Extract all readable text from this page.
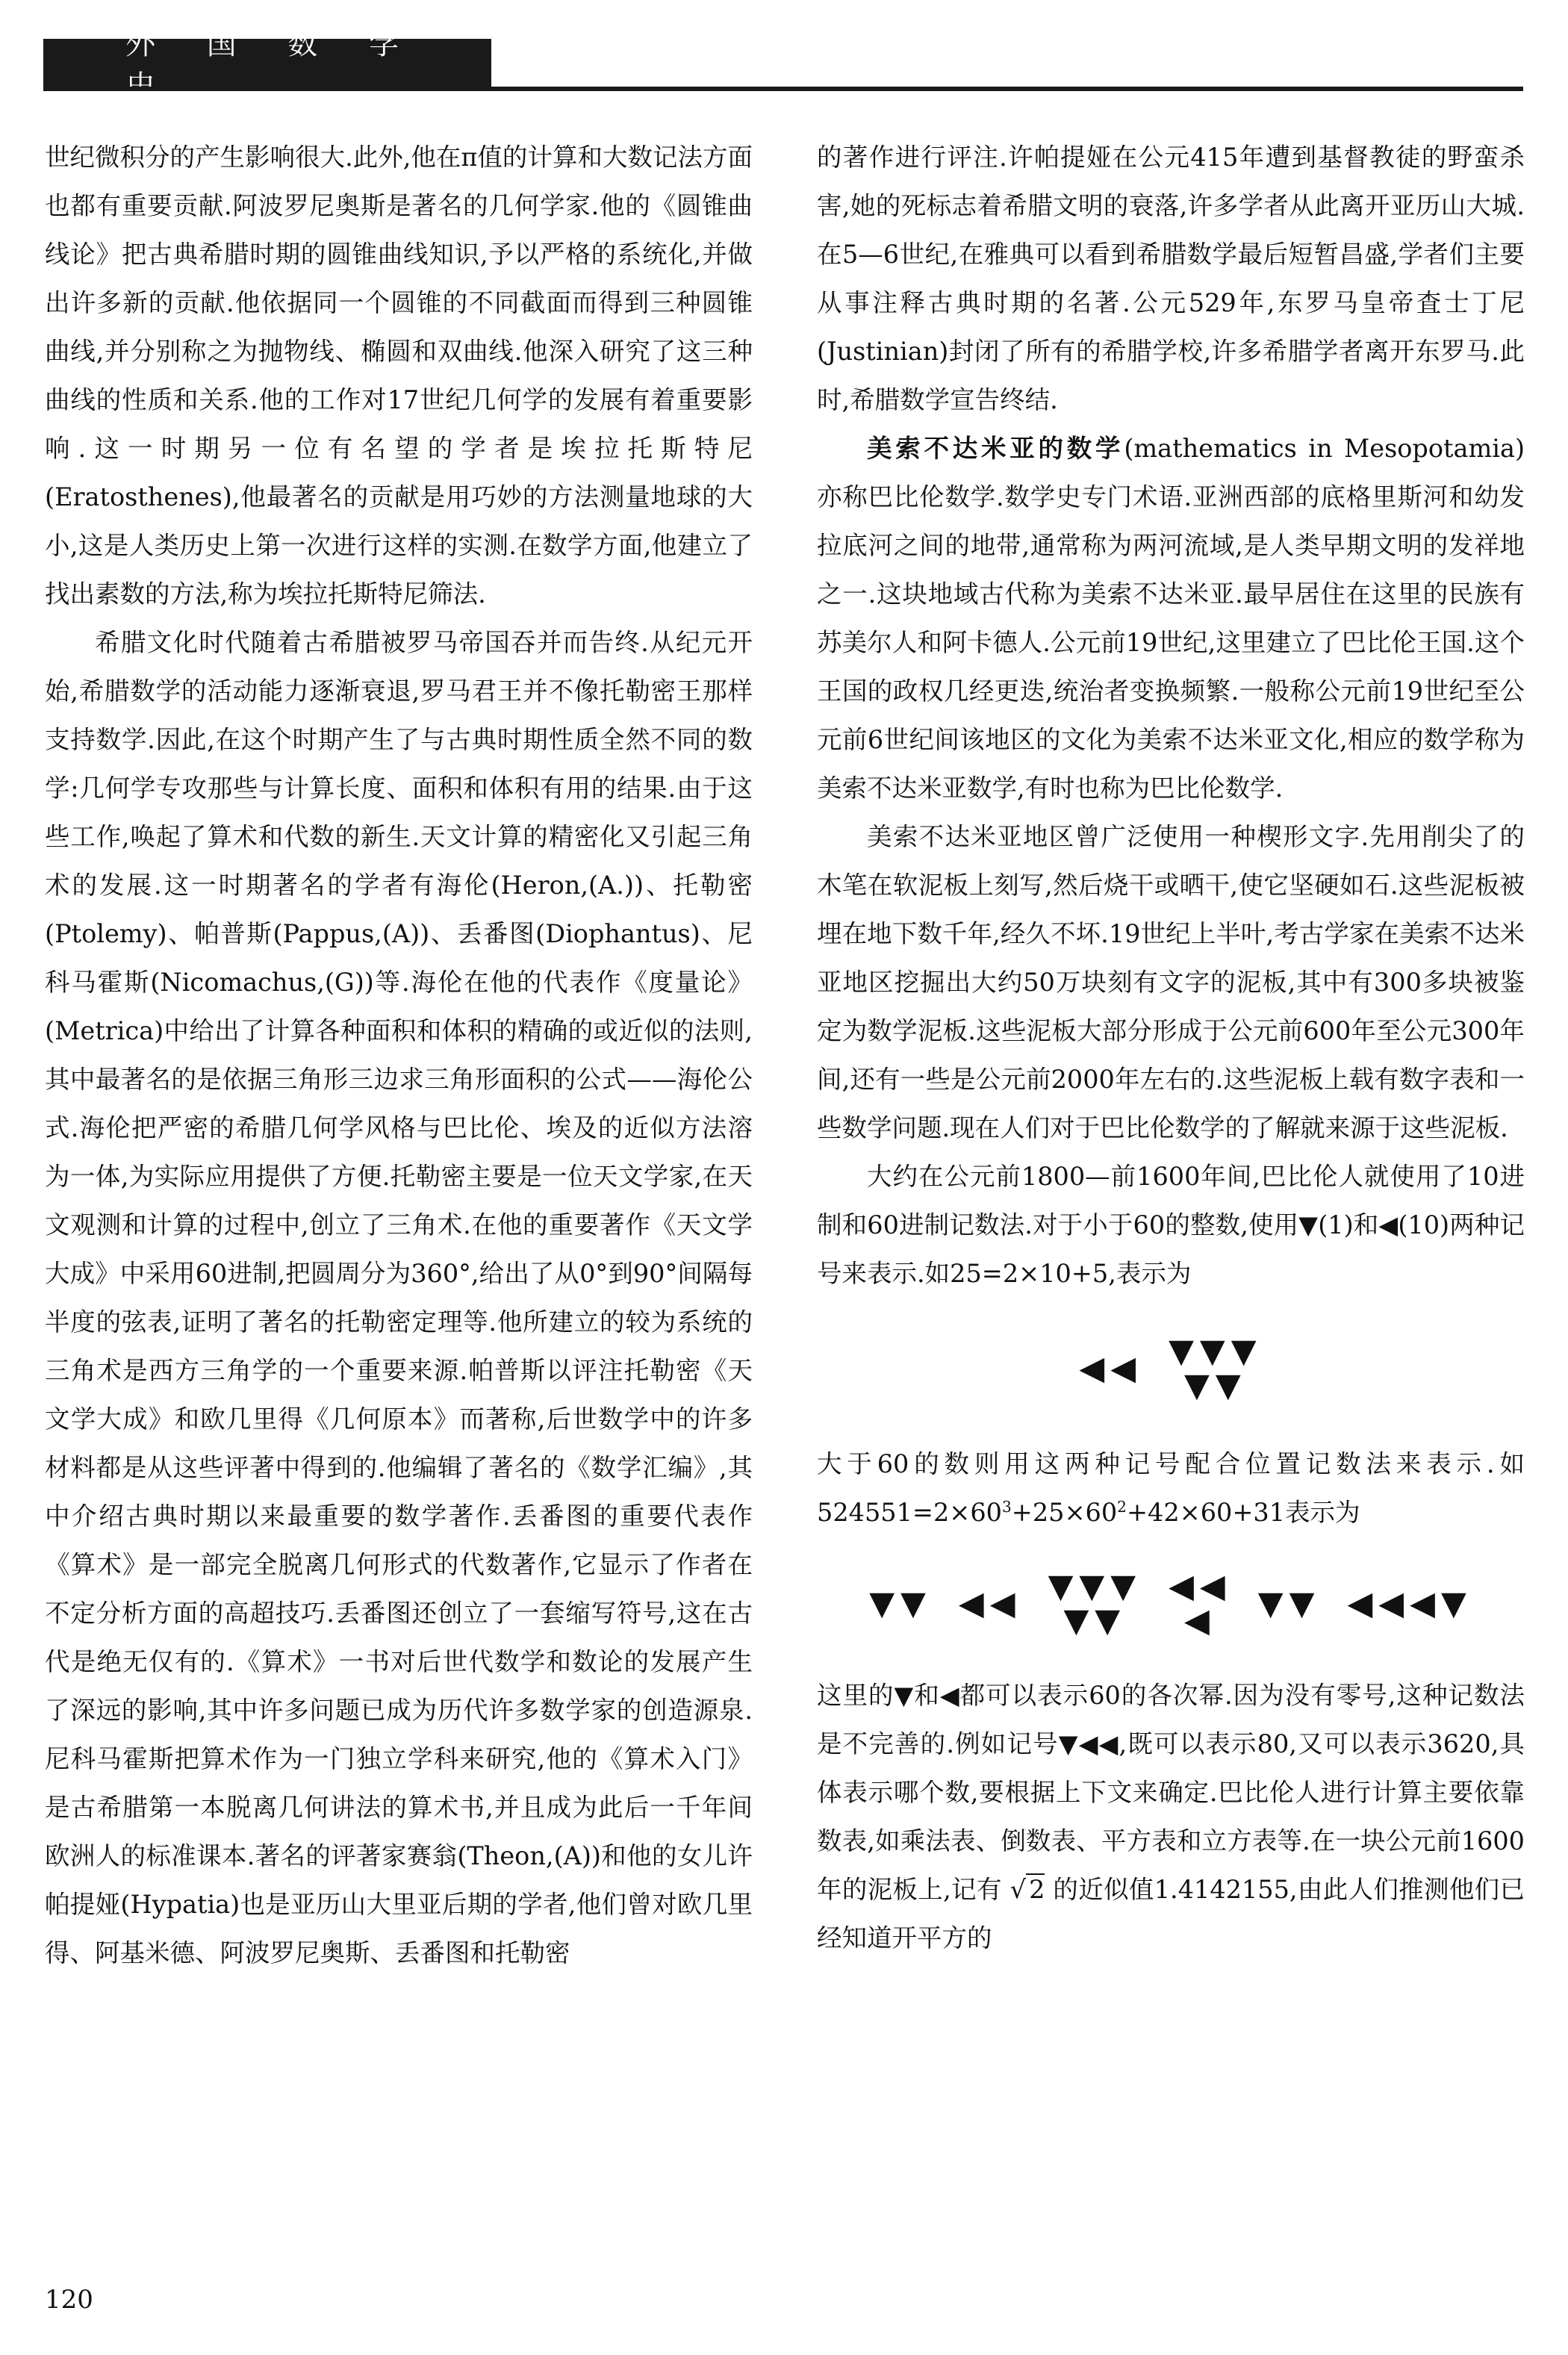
外 国 数 学

世纪微积分的产生影响很大.此外,他在π值的计算和大数记法方面也都有重要贡献.阿波罗尼奥斯是著名的几何学家.他的《圆锥曲线论》把古典希腊时期的圆锥曲线知识,予以严格的系统化,并做出许多新的贡献.他依据同一个圆锥的不同截面而得到三种圆锥曲线,并分别称之为抛物线、椭圆和双曲线.他深入研究了这三种曲线的性质和关系.他的工作对17世纪几何学的发展有着重要影响.这一时期另一位有名望的学者是埃拉托斯特尼(Eratosthenes),他最著名的贡献是用巧妙的方法测量地球的大小,这是人类历史上第一次进行这样的实测.在数学方面,他建立了找出素数的方法,称为埃拉托斯特尼筛法.

希腊文化时代随着古希腊被罗马帝国吞并而告终.从纪元开始,希腊数学的活动能力逐渐衰退,罗马君王并不像托勒密王那样支持数学.因此,在这个时期产生了与古典时期性质全然不同的数学:几何学专攻那些与计算长度、面积和体积有用的结果.由于这些工作,唤起了算术和代数的新生.天文计算的精密化又引起三角术的发展.这一时期著名的学者有海伦(Heron,(A.))、托勒密(Ptolemy)、帕普斯(Pappus,(A))、丢番图(Diophantus)、尼科马霍斯(Nicomachus,(G))等.海伦在他的代表作《度量论》(Metrica)中给出了计算各种面积和体积的精确的或近似的法则,其中最著名的是依据三角形三边求三角形面积的公式——海伦公式.海伦把严密的希腊几何学风格与巴比伦、埃及的近似方法溶为一体,为实际应用提供了方便.托勒密主要是一位天文学家,在天文观测和计算的过程中,创立了三角术.在他的重要著作《天文学大成》中采用60进制,把圆周分为360°,给出了从0°到90°间隔每半度的弦表,证明了著名的托勒密定理等.他所建立的较为系统的三角术是西方三角学的一个重要来源.帕普斯以评注托勒密《天文学大成》和欧几里得《几何原本》而著称,后世数学中的许多材料都是从这些评著中得到的.他编辑了著名的《数学汇编》,其中介绍古典时期以来最重要的数学著作.丢番图的重要代表作《算术》是一部完全脱离几何形式的代数著作,它显示了作者在不定分析方面的高超技巧.丢番图还创立了一套缩写符号,这在古代是绝无仅有的.《算术》一书对后世代数学和数论的发展产生了深远的影响,其中许多问题已成为历代许多数学家的创造源泉.尼科马霍斯把算术作为一门独立学科来研究,他的《算术入门》是古希腊第一本脱离几何讲法的算术书,并且成为此后一千年间欧洲人的标准课本.著名的评著家赛翁(Theon,(A))和他的女儿许帕提娅(Hypatia)也是亚历山大里亚后期的学者,他们曾对欧几里得、阿基米德、阿波罗尼奥斯、丢番图和托勒密

的著作进行评注.许帕提娅在公元415年遭到基督教徒的野蛮杀害,她的死标志着希腊文明的衰落,许多学者从此离开亚历山大城.在5—6世纪,在雅典可以看到希腊数学最后短暂昌盛,学者们主要从事注释古典时期的名著.公元529年,东罗马皇帝査士丁尼(Justinian)封闭了所有的希腊学校,许多希腊学者离开东罗马.此时,希腊数学宣告终结.

美索不达米亚的数学(mathematics in Mesopotamia)　亦称巴比伦数学.数学史专门术语.亚洲西部的底格里斯河和幼发拉底河之间的地带,通常称为两河流域,是人类早期文明的发祥地之一.这块地域古代称为美索不达米亚.最早居住在这里的民族有苏美尔人和阿卡德人.公元前19世纪,这里建立了巴比伦王国.这个王国的政权几经更迭,统治者变换频繁.一般称公元前19世纪至公元前6世纪间该地区的文化为美索不达米亚文化,相应的数学称为美索不达米亚数学,有时也称为巴比伦数学.

美索不达米亚地区曾广泛使用一种楔形文字.先用削尖了的木笔在软泥板上刻写,然后烧干或晒干,使它坚硬如石.这些泥板被埋在地下数千年,经久不坏.19世纪上半叶,考古学家在美索不达米亚地区挖掘出大约50万块刻有文字的泥板,其中有300多块被鉴定为数学泥板.这些泥板大部分形成于公元前600年至公元300年间,还有一些是公元前2000年左右的.这些泥板上载有数字表和一些数学问题.现在人们对于巴比伦数学的了解就来源于这些泥板.

大约在公元前1800—前1600年间,巴比伦人就使用了10进制和60进制记数法.对于小于60的整数,使用▼(1)和◀(10)两种记号来表示.如25=2×10+5,表示为

◀◀ ▼▼▼
▼▼

大于60的数则用这两种记号配合位置记数法来表示.如$524551=2\times 60^3+25\times 60^2+42\times 60+31$表示为

▼▼ ◀◀ ▼▼▼
▼▼
◀◀
◀ ▼▼ ◀◀◀▼

这里的▼和◀都可以表示60的各次幂.因为没有零号,这种记数法是不完善的.例如记号▼◀◀,既可以表示80,又可以表示3620,具体表示哪个数,要根据上下文来确定.巴比伦人进行计算主要依靠数表,如乘法表、倒数表、平方表和立方表等.在一块公元前1600年的泥板上,记有 √ 2 的近似值1.4142155,由此人们推测他们已经知道开平方的

120
